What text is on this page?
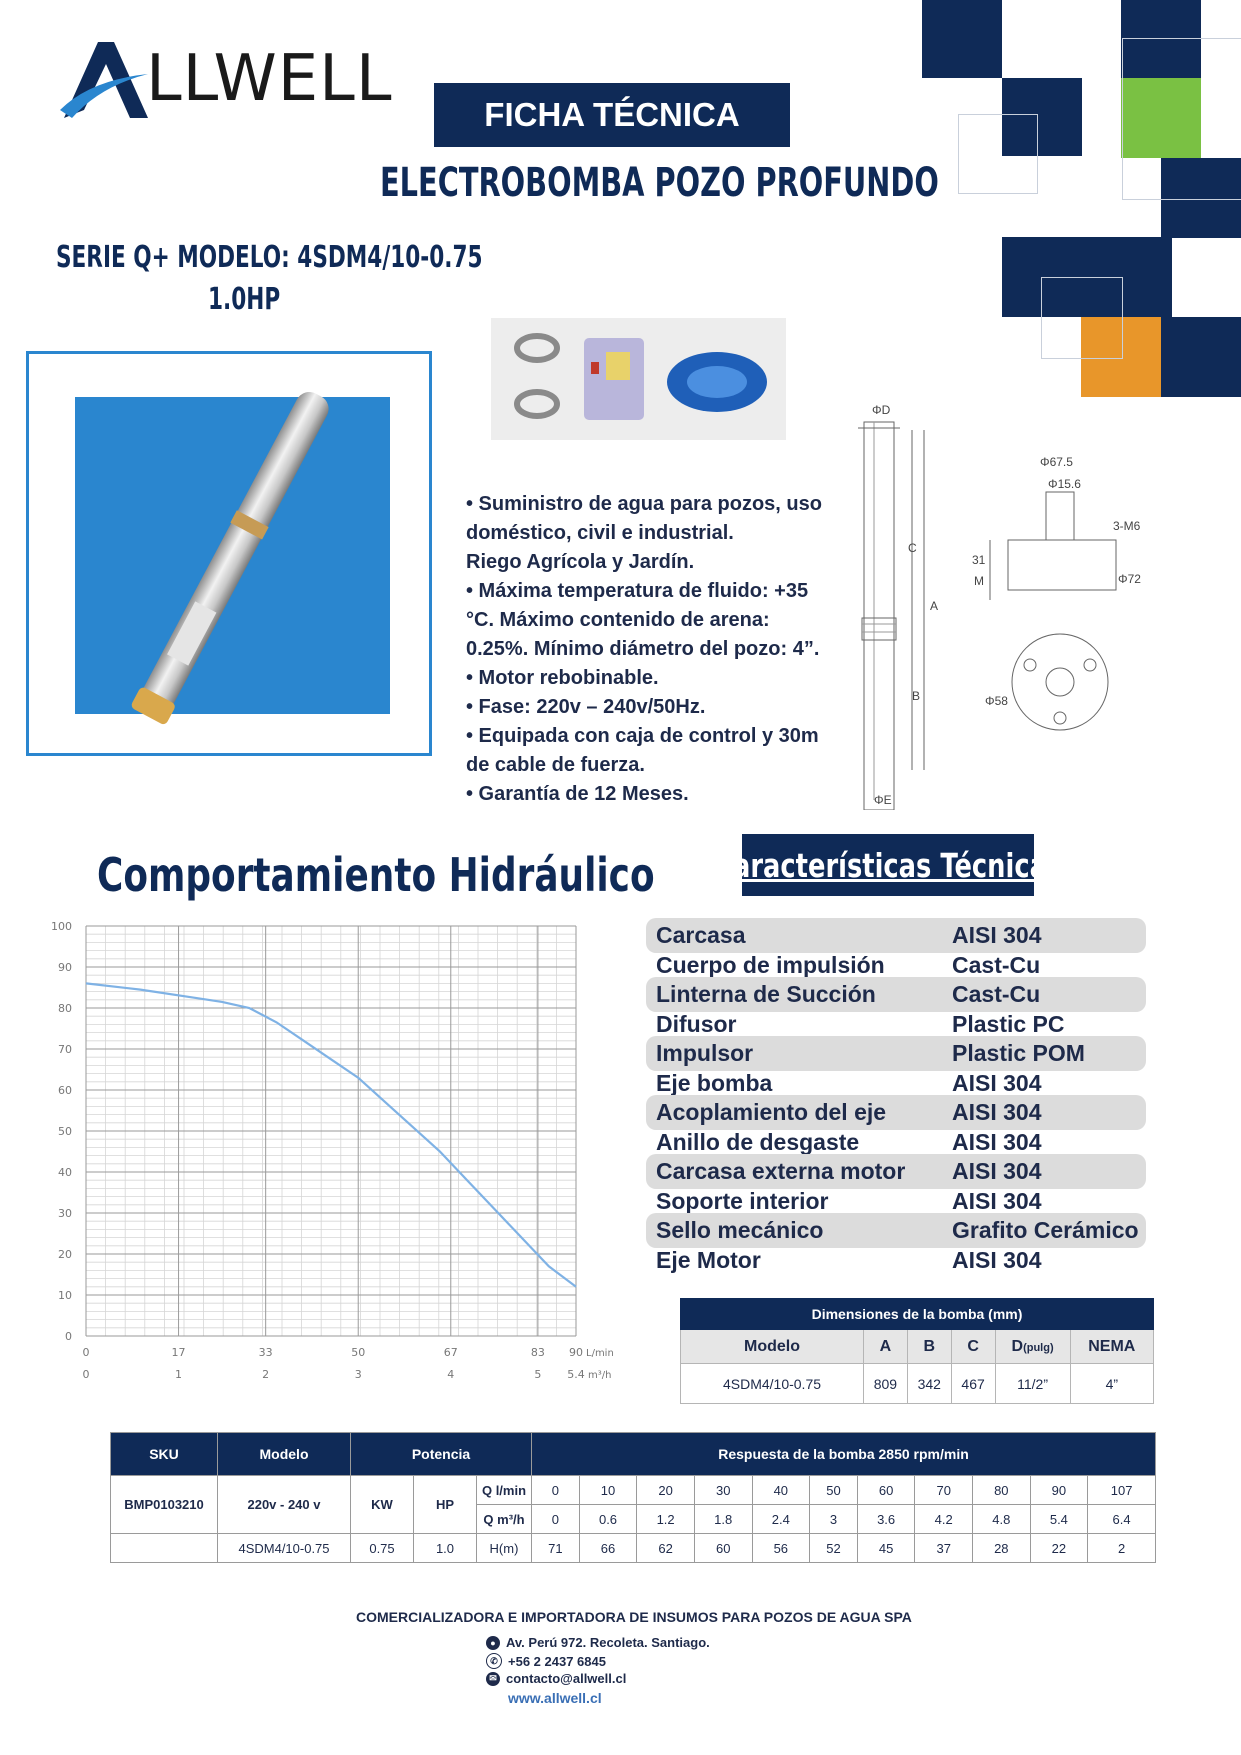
LLWELL	FICHA TÉCNICA
ELECTROBOMBA POZO PROFUNDO
SERIE Q+ MODELO: 4SDM4/10-0.75
1.0HP
• Suministro de agua para pozos, uso doméstico, civil e industrial.
Riego Agrícola y Jardín.
• Máxima temperatura de fluido: +35 °C. Máximo contenido de arena: 0.25%. Mínimo diámetro del pozo: 4”.
• Motor rebobinable.
• Fase: 220v – 240v/50Hz.
• Equipada con caja de control y 30m de cable de fuerza.
• Garantía de 12 Meses.
ΦD
ΦE
C
A
B
Φ67.5
Φ15.6
3-M6
Φ72
31
M
Φ58
Comportamiento Hidráulico
100
90
80
70
60
50
40
30
20
10
0
0	17	33	50	67	83 90
0	1	2	3	4	5 5.4
L/min
m³/h
Características Técnicas
Carcasa	AISI 304
Cuerpo de impulsión	Cast-Cu
Linterna de Succión	Cast-Cu
Difusor	Plastic PC
Impulsor	Plastic POM
Eje bomba	AISI 304
Acoplamiento del eje	AISI 304
Anillo de desgaste	AISI 304
Carcasa externa motor AISI 304
Soporte interior	AISI 304
Sello mecánico	Grafito Cerámico
Eje Motor	AISI 304
Dimensiones de la bomba (mm)					
Modelo	A	B	C	D(pulg)	NEMA
4SDM4/10-0.75	809	342	467	11/2”	4”
SKU	Modelo	Potencia			Respuesta de la bomba 2850 rpm/min										
BMP0103210	220v - 240 v	KW	HP	Q l/min	0	10	20	30	40	50	60	70	80	90	107
				Q m³/h	0	0.6	1.2	1.8	2.4	3	3.6	4.2	4.8	5.4	6.4
	4SDM4/10-0.75	0.75	1.0	H(m)	71	66	62	60	56	52	45	37	28	22	2
COMERCIALIZADORA E IMPORTADORA DE INSUMOS PARA POZOS DE AGUA SPA
● Av. Perú 972. Recoleta. Santiago.
✆ +56 2 2437 6845
✉ contacto@allwell.cl
www.allwell.cl
